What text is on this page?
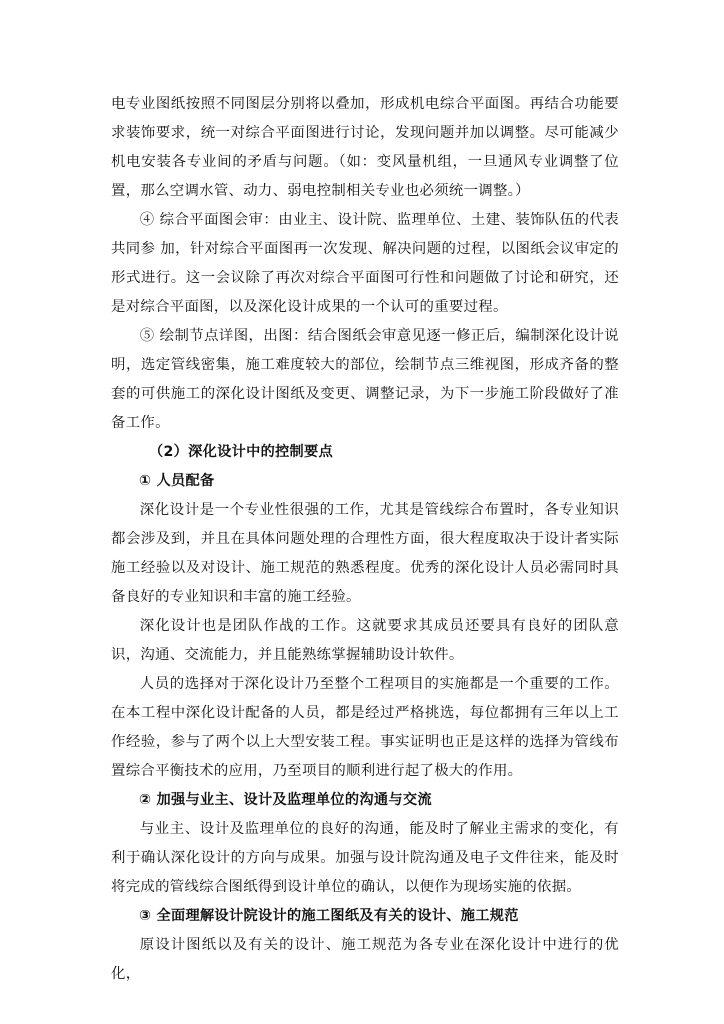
电专业图纸按照不同图层分别将以叠加，形成机电综合平面图。再结合功能要求装饰要求，统一对综合平面图进行讨论，发现问题并加以调整。尽可能减少机电安装各专业间的矛盾与问题。（如：变风量机组，一旦通风专业调整了位置，那么空调水管、动力、弱电控制相关专业也必须统一调整。）

④ 综合平面图会审：由业主、设计院、监理单位、土建、装饰队伍的代表共同参 加，针对综合平面图再一次发现、解决问题的过程，以图纸会议审定的形式进行。这一会议除了再次对综合平面图可行性和问题做了讨论和研究，还是对综合平面图，以及深化设计成果的一个认可的重要过程。

⑤ 绘制节点详图，出图：结合图纸会审意见逐一修正后，编制深化设计说明，选定管线密集，施工难度较大的部位，绘制节点三维视图，形成齐备的整套的可供施工的深化设计图纸及变更、调整记录，为下一步施工阶段做好了准备工作。

（2）深化设计中的控制要点

① 人员配备

深化设计是一个专业性很强的工作，尤其是管线综合布置时，各专业知识都会涉及到，并且在具体问题处理的合理性方面，很大程度取决于设计者实际施工经验以及对设计、施工规范的熟悉程度。优秀的深化设计人员必需同时具备良好的专业知识和丰富的施工经验。

深化设计也是团队作战的工作。这就要求其成员还要具有良好的团队意识，沟通、交流能力，并且能熟练掌握辅助设计软件。

人员的选择对于深化设计乃至整个工程项目的实施都是一个重要的工作。在本工程中深化设计配备的人员，都是经过严格挑选，每位都拥有三年以上工作经验，参与了两个以上大型安装工程。事实证明也正是这样的选择为管线布置综合平衡技术的应用，乃至项目的顺利进行起了极大的作用。

② 加强与业主、设计及监理单位的沟通与交流

与业主、设计及监理单位的良好的沟通，能及时了解业主需求的变化，有利于确认深化设计的方向与成果。加强与设计院沟通及电子文件往来，能及时将完成的管线综合图纸得到设计单位的确认，以便作为现场实施的依据。

③ 全面理解设计院设计的施工图纸及有关的设计、施工规范

原设计图纸以及有关的设计、施工规范为各专业在深化设计中进行的优化，
